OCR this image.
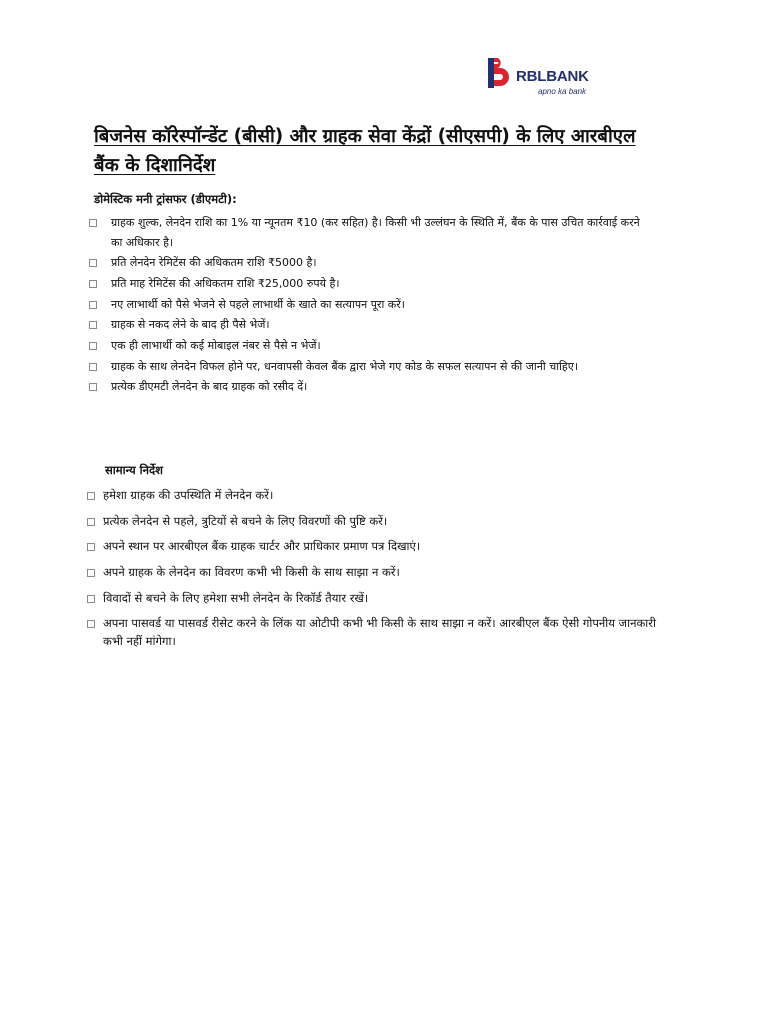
RBLBANK
apno ka bank
बिजनेस कॉरेस्पॉन्डेंट (बीसी) और ग्राहक सेवा केंद्रों (सीएसपी) के लिए आरबीएल बैंक के दिशानिर्देश
डोमेस्टिक मनी ट्रांसफर (डीएमटी):
ग्राहक शुल्क, लेनदेन राशि का 1% या न्यूनतम ₹10 (कर सहित) है। किसी भी उल्लंघन के स्थिति में, बैंक के पास उचित कार्रवाई करने का अधिकार है।
प्रति लेनदेन रेमिटेंस की अधिकतम राशि ₹5000 है।
प्रति माह रेमिटेंस की अधिकतम राशि ₹25,000 रुपये है।
नए लाभार्थी को पैसे भेजने से पहले लाभार्थी के खाते का सत्यापन पूरा करें।
ग्राहक से नकद लेने के बाद ही पैसे भेजें।
एक ही लाभार्थी को कई मोबाइल नंबर से पैसे न भेजें।
ग्राहक के साथ लेनदेन विफल होने पर, धनवापसी केवल बैंक द्वारा भेजे गए कोड के सफल सत्यापन से की जानी चाहिए।
प्रत्येक डीएमटी लेनदेन के बाद ग्राहक को रसीद दें।
सामान्य निर्देश
हमेशा ग्राहक की उपस्थिति में लेनदेन करें।
प्रत्येक लेनदेन से पहले, त्रुटियों से बचने के लिए विवरणों की पुष्टि करें।
अपने स्थान पर आरबीएल बैंक ग्राहक चार्टर और प्राधिकार प्रमाण पत्र दिखाएं।
अपने ग्राहक के लेनदेन का विवरण कभी भी किसी के साथ साझा न करें।
विवादों से बचने के लिए हमेशा सभी लेनदेन के रिकॉर्ड तैयार रखें।
अपना पासवर्ड या पासवर्ड रीसेट करने के लिंक या ओटीपी कभी भी किसी के साथ साझा न करें। आरबीएल बैंक ऐसी गोपनीय जानकारी कभी नहीं मांगेगा।
